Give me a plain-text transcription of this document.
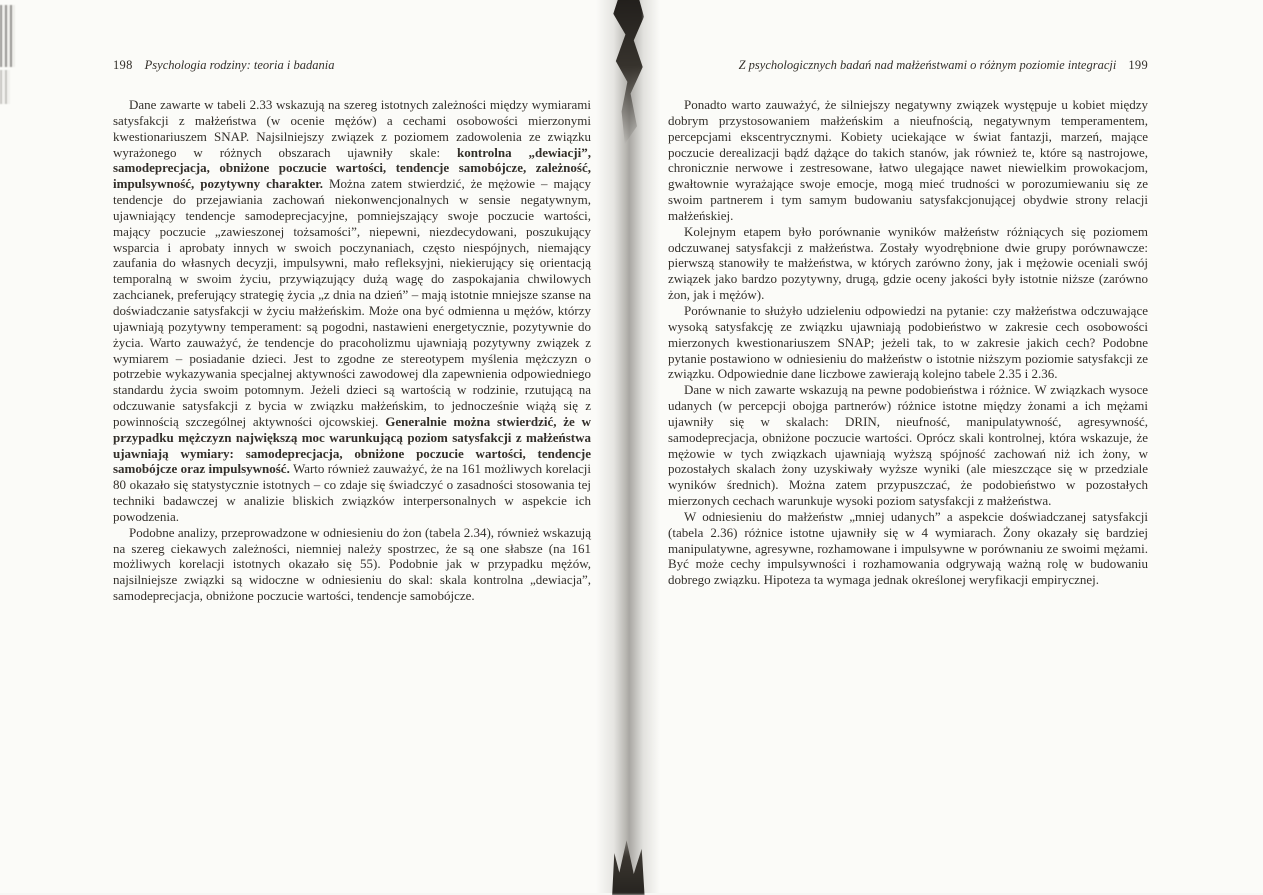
198 Psychologia rodziny: teoria i badania

Dane zawarte w tabeli 2.33 wskazują na szereg istotnych zależności między wymiarami satysfakcji z małżeństwa (w ocenie mężów) a cechami osobowości mierzonymi kwestionariuszem SNAP. Najsilniejszy związek z poziomem zadowolenia ze związku wyrażonego w różnych obszarach ujawniły skale: kontrolna „dewiacji”, samodeprecjacja, obniżone poczucie wartości, tendencje samobójcze, zależność, impulsywność, pozytywny charakter. Można zatem stwierdzić, że mężowie – mający tendencje do przejawiania zachowań niekonwencjonalnych w sensie negatywnym, ujawniający tendencje samodeprecjacyjne, pomniejszający swoje poczucie wartości, mający poczucie „zawieszonej tożsamości”, niepewni, niezdecydowani, poszukujący wsparcia i aprobaty innych w swoich poczynaniach, często niespójnych, niemający zaufania do własnych decyzji, impulsywni, mało refleksyjni, niekierujący się orientacją temporalną w swoim życiu, przywiązujący dużą wagę do zaspokajania chwilowych zachcianek, preferujący strategię życia „z dnia na dzień” – mają istotnie mniejsze szanse na doświadczanie satysfakcji w życiu małżeńskim. Może ona być odmienna u mężów, którzy ujawniają pozytywny temperament: są pogodni, nastawieni energetycznie, pozytywnie do życia. Warto zauważyć, że tendencje do pracoholizmu ujawniają pozytywny związek z wymiarem – posiadanie dzieci. Jest to zgodne ze stereotypem myślenia mężczyzn o potrzebie wykazywania specjalnej aktywności zawodowej dla zapewnienia odpowiedniego standardu życia swoim potomnym. Jeżeli dzieci są wartością w rodzinie, rzutującą na odczuwanie satysfakcji z bycia w związku małżeńskim, to jednocześnie wiążą się z powinnością szczególnej aktywności ojcowskiej. Generalnie można stwierdzić, że w przypadku mężczyzn największą moc warunkującą poziom satysfakcji z małżeństwa ujawniają wymiary: samodeprecjacja, obniżone poczucie wartości, tendencje samobójcze oraz impulsywność. Warto również zauważyć, że na 161 możliwych korelacji 80 okazało się statystycznie istotnych – co zdaje się świadczyć o zasadności stosowania tej techniki badawczej w analizie bliskich związków interpersonalnych w aspekcie ich powodzenia.

Podobne analizy, przeprowadzone w odniesieniu do żon (tabela 2.34), również wskazują na szereg ciekawych zależności, niemniej należy spostrzec, że są one słabsze (na 161 możliwych korelacji istotnych okazało się 55). Podobnie jak w przypadku mężów, najsilniejsze związki są widoczne w odniesieniu do skal: skala kontrolna „dewiacja”, samodeprecjacja, obniżone poczucie wartości, tendencje samobójcze.

Z psychologicznych badań nad małżeństwami o różnym poziomie integracji 199

Ponadto warto zauważyć, że silniejszy negatywny związek występuje u kobiet między dobrym przystosowaniem małżeńskim a nieufnością, negatywnym temperamentem, percepcjami ekscentrycznymi. Kobiety uciekające w świat fantazji, marzeń, mające poczucie derealizacji bądź dążące do takich stanów, jak również te, które są nastrojowe, chronicznie nerwowe i zestresowane, łatwo ulegające nawet niewielkim prowokacjom, gwałtownie wyrażające swoje emocje, mogą mieć trudności w porozumiewaniu się ze swoim partnerem i tym samym budowaniu satysfakcjonującej obydwie strony relacji małżeńskiej.

Kolejnym etapem było porównanie wyników małżeństw różniących się poziomem odczuwanej satysfakcji z małżeństwa. Zostały wyodrębnione dwie grupy porównawcze: pierwszą stanowiły te małżeństwa, w których zarówno żony, jak i mężowie oceniali swój związek jako bardzo pozytywny, drugą, gdzie oceny jakości były istotnie niższe (zarówno żon, jak i mężów).

Porównanie to służyło udzieleniu odpowiedzi na pytanie: czy małżeństwa odczuwające wysoką satysfakcję ze związku ujawniają podobieństwo w zakresie cech osobowości mierzonych kwestionariuszem SNAP; jeżeli tak, to w zakresie jakich cech? Podobne pytanie postawiono w odniesieniu do małżeństw o istotnie niższym poziomie satysfakcji ze związku. Odpowiednie dane liczbowe zawierają kolejno tabele 2.35 i 2.36.

Dane w nich zawarte wskazują na pewne podobieństwa i różnice. W związkach wysoce udanych (w percepcji obojga partnerów) różnice istotne między żonami a ich mężami ujawniły się w skalach: DRIN, nieufność, manipulatywność, agresywność, samodeprecjacja, obniżone poczucie wartości. Oprócz skali kontrolnej, która wskazuje, że mężowie w tych związkach ujawniają wyższą spójność zachowań niż ich żony, w pozostałych skalach żony uzyskiwały wyższe wyniki (ale mieszczące się w przedziale wyników średnich). Można zatem przypuszczać, że podobieństwo w pozostałych mierzonych cechach warunkuje wysoki poziom satysfakcji z małżeństwa.

W odniesieniu do małżeństw „mniej udanych” a aspekcie doświadczanej satysfakcji (tabela 2.36) różnice istotne ujawniły się w 4 wymiarach. Żony okazały się bardziej manipulatywne, agresywne, rozhamowane i impulsywne w porównaniu ze swoimi mężami. Być może cechy impulsywności i rozhamowania odgrywają ważną rolę w budowaniu dobrego związku. Hipoteza ta wymaga jednak określonej weryfikacji empirycznej.
